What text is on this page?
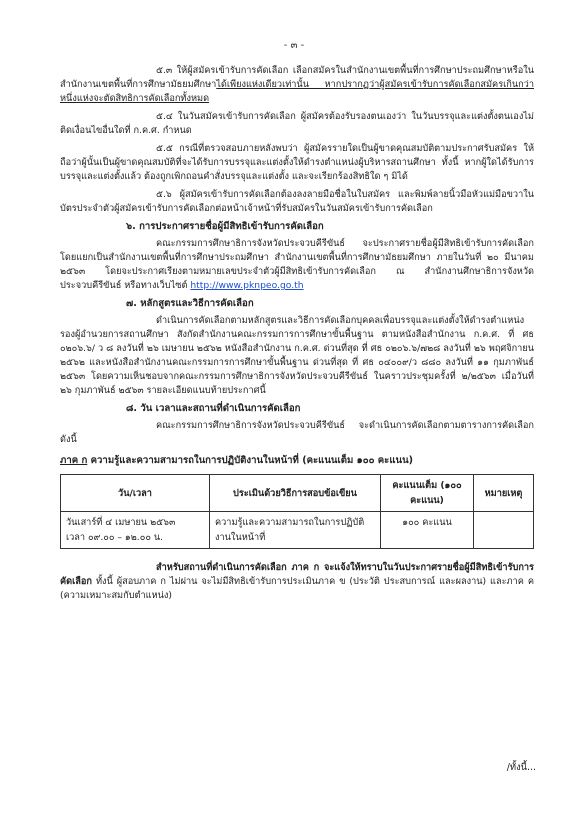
- ๓ -

๕.๓ ให้ผู้สมัครเข้ารับการคัดเลือก เลือกสมัครในสำนักงานเขตพื้นที่การศึกษาประถมศึกษาหรือในสำนักงานเขตพื้นที่การศึกษามัธยมศึกษาได้เพียงแห่งเดียวเท่านั้น หากปรากฏว่าผู้สมัครเข้ารับการคัดเลือกสมัครเกินกว่าหนึ่งแห่งจะตัดสิทธิการคัดเลือกทั้งหมด

๕.๔ ในวันสมัครเข้ารับการคัดเลือก ผู้สมัครต้องรับรองตนเองว่า ในวันบรรจุและแต่งตั้งตนเองไม่ติดเงื่อนไขอื่นใดที่ ก.ค.ศ. กำหนด

๕.๕ กรณีที่ตรวจสอบภายหลังพบว่า ผู้สมัครรายใดเป็นผู้ขาดคุณสมบัติตามประกาศรับสมัคร ให้ถือว่าผู้นั้นเป็นผู้ขาดคุณสมบัติที่จะได้รับการบรรจุและแต่งตั้งให้ดำรงตำแหน่งผู้บริหารสถานศึกษา ทั้งนี้ หากผู้ใดได้รับการบรรจุและแต่งตั้งแล้ว ต้องถูกเพิกถอนคำสั่งบรรจุและแต่งตั้ง และจะเรียกร้องสิทธิใด ๆ มิได้

๕.๖ ผู้สมัครเข้ารับการคัดเลือกต้องลงลายมือชื่อในใบสมัคร และพิมพ์ลายนิ้วมือหัวแม่มือขวาในบัตรประจำตัวผู้สมัครเข้ารับการคัดเลือกต่อหน้าเจ้าหน้าที่รับสมัครในวันสมัครเข้ารับการคัดเลือก

๖. การประกาศรายชื่อผู้มีสิทธิเข้ารับการคัดเลือก

คณะกรรมการศึกษาธิการจังหวัดประจวบคีรีขันธ์ จะประกาศรายชื่อผู้มีสิทธิเข้ารับการคัดเลือก โดยแยกเป็นสำนักงานเขตพื้นที่การศึกษาประถมศึกษา สำนักงานเขตพื้นที่การศึกษามัธยมศึกษา ภายในวันที่ ๒๐ มีนาคม ๒๕๖๓ โดยจะประกาศเรียงตามหมายเลขประจำตัวผู้มีสิทธิเข้ารับการคัดเลือก ณ สำนักงานศึกษาธิการจังหวัดประจวบคีรีขันธ์ หรือทางเว็บไซต์ http://www.pknpeo.go.th

๗. หลักสูตรและวิธีการคัดเลือก

ดำเนินการคัดเลือกตามหลักสูตรและวิธีการคัดเลือกบุคคลเพื่อบรรจุและแต่งตั้งให้ดำรงตำแหน่งรองผู้อำนวยการสถานศึกษา สังกัดสำนักงานคณะกรรมการการศึกษาขั้นพื้นฐาน ตามหนังสือสำนักงาน ก.ค.ศ. ที่ ศธ ๐๒๐๖.๖/ ว ๘ ลงวันที่ ๒๖ เมษายน ๒๕๖๒ หนังสือสำนักงาน ก.ค.ศ. ด่วนที่สุด ที่ ศธ ๐๒๐๖.๖/๗๒๘ ลงวันที่ ๒๖ พฤศจิกายน ๒๕๖๒ และหนังสือสำนักงานคณะกรรมการการศึกษาขั้นพื้นฐาน ด่วนที่สุด ที่ ศธ ๐๔๐๐๙/ว ๘๘๐ ลงวันที่ ๑๑ กุมภาพันธ์ ๒๕๖๓ โดยความเห็นชอบจากคณะกรรมการศึกษาธิการจังหวัดประจวบคีรีขันธ์ ในคราวประชุมครั้งที่ ๒/๒๕๖๓ เมื่อวันที่ ๒๖ กุมภาพันธ์ ๒๕๖๓ รายละเอียดแนบท้ายประกาศนี้

๘. วัน เวลาและสถานที่ดำเนินการคัดเลือก

คณะกรรมการศึกษาธิการจังหวัดประจวบคีรีขันธ์ จะดำเนินการคัดเลือกตามตารางการคัดเลือก ดังนี้

ภาค ก ความรู้และความสามารถในการปฏิบัติงานในหน้าที่ (คะแนนเต็ม ๑๐๐ คะแนน)
วัน/เวลา	ประเมินด้วยวิธีการสอบข้อเขียน	คะแนนเต็ม (๑๐๐ คะแนน)	หมายเหตุ

วันเสาร์ที่ ๔ เมษายน ๒๕๖๓
เวลา ๐๙.๐๐ – ๑๒.๐๐ น.	ความรู้และความสามารถในการปฏิบัติงานในหน้าที่	๑๐๐ คะแนน	

สำหรับสถานที่ดำเนินการคัดเลือก ภาค ก จะแจ้งให้ทราบในวันประกาศรายชื่อผู้มีสิทธิเข้ารับการคัดเลือก ทั้งนี้ ผู้สอบภาค ก ไม่ผ่าน จะไม่มีสิทธิเข้ารับการประเมินภาค ข (ประวัติ ประสบการณ์ และผลงาน) และภาค ค (ความเหมาะสมกับตำแหน่ง)

/ทั้งนี้...
